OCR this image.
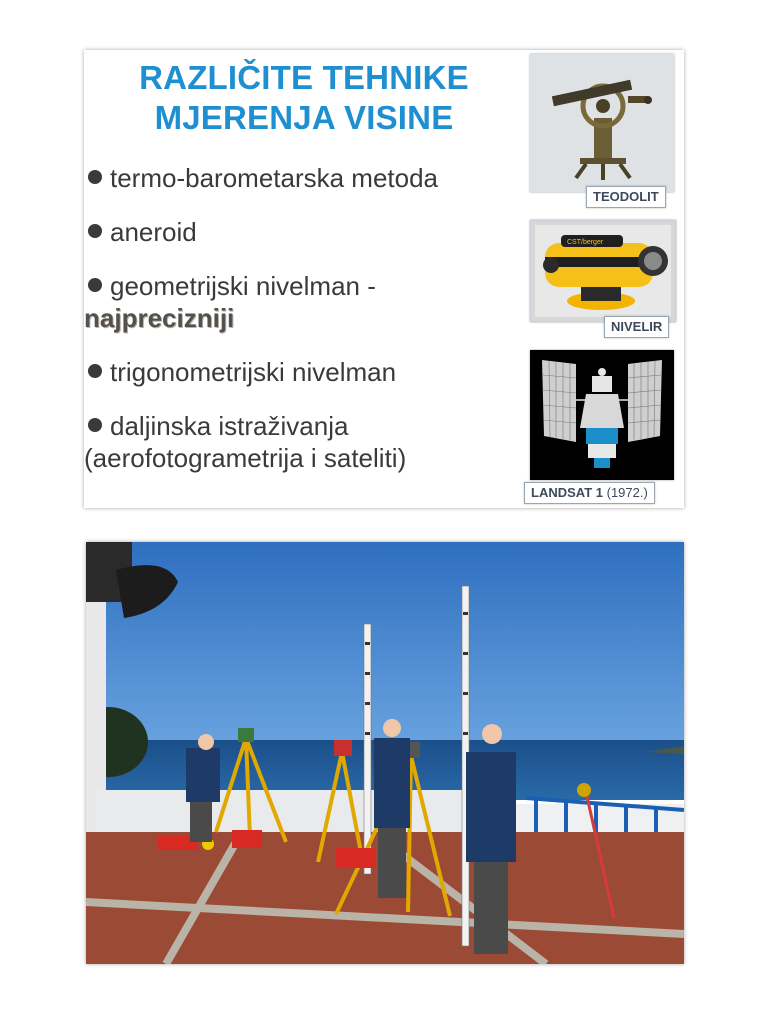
RAZLIČITE TEHNIKE
MJERENJA VISINE
termo-barometarska metoda
aneroid
geometrijski nivelman -
najprecizniji
trigonometrijski nivelman
daljinska istraživanja
(aerofotogrametrija i sateliti)
TEODOLIT
CST/berger
NIVELIR
LANDSAT 1 (1972.)
